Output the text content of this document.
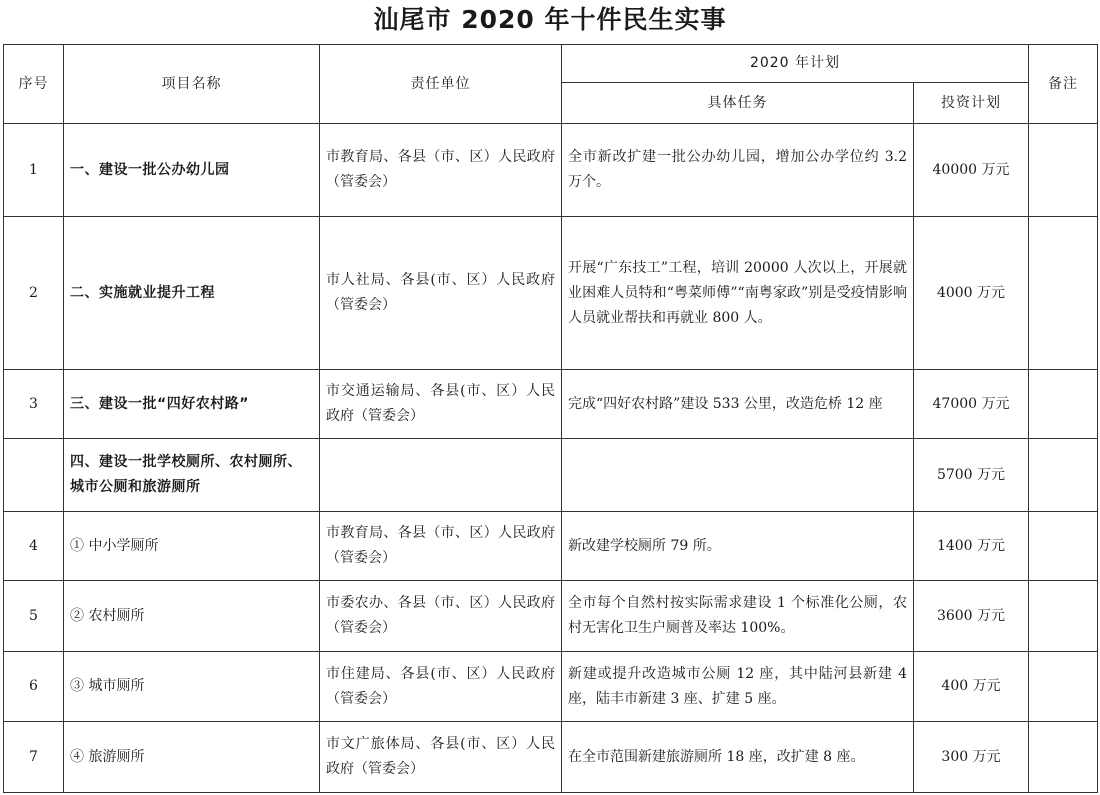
汕尾市 2020 年十件民生实事
序号	项目名称	责任单位	2020 年计划		备注
			具体任务	投资计划	
1	一、建设一批公办幼儿园	市教育局、各县（市、区）人民政府（管委会）	全市新改扩建一批公办幼儿园，增加公办学位约 3.2 万个。	40000 万元	
2	二、实施就业提升工程	市人社局、各县(市、区）人民政府（管委会）	开展“广东技工”工程，培训 20000 人次以上，开展就业困难人员特和“粤菜师傅”“南粤家政”别是受疫情影响人员就业帮扶和再就业 800 人。	4000 万元	
3	三、建设一批“四好农村路”	市交通运输局、各县(市、区）人民政府（管委会）	完成“四好农村路”建设 533 公里，改造危桥 12 座	47000 万元	
	四、建设一批学校厕所、农村厕所、城市公厕和旅游厕所			5700 万元	
4	① 中小学厕所	市教育局、各县（市、区）人民政府（管委会）	新改建学校厕所 79 所。	1400 万元	
5	② 农村厕所	市委农办、各县（市、区）人民政府（管委会）	全市每个自然村按实际需求建设 1 个标准化公厕，农村无害化卫生户厕普及率达 100%。	3600 万元	
6	③ 城市厕所	市住建局、各县(市、区）人民政府（管委会）	新建或提升改造城市公厕 12 座，其中陆河县新建 4 座，陆丰市新建 3 座、扩建 5 座。	400 万元	
7	④ 旅游厕所	市文广旅体局、各县(市、区）人民政府（管委会）	在全市范围新建旅游厕所 18 座，改扩建 8 座。	300 万元	
